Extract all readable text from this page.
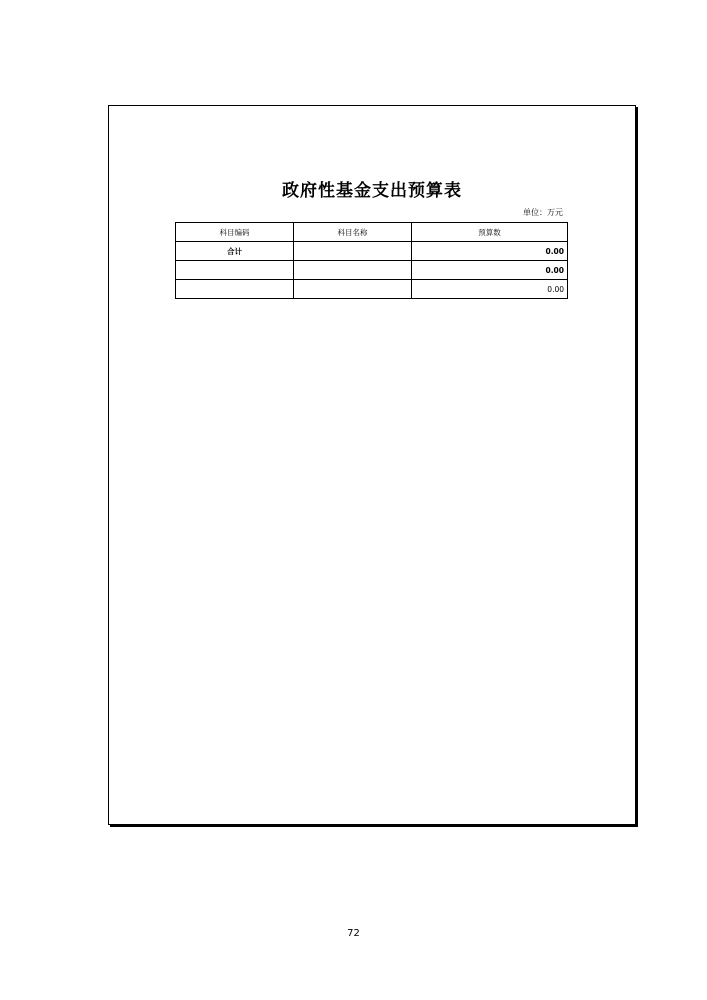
政府性基金支出预算表
单位：万元
科目编码	科目名称	预算数
合计		0.00
		0.00
		0.00
72
